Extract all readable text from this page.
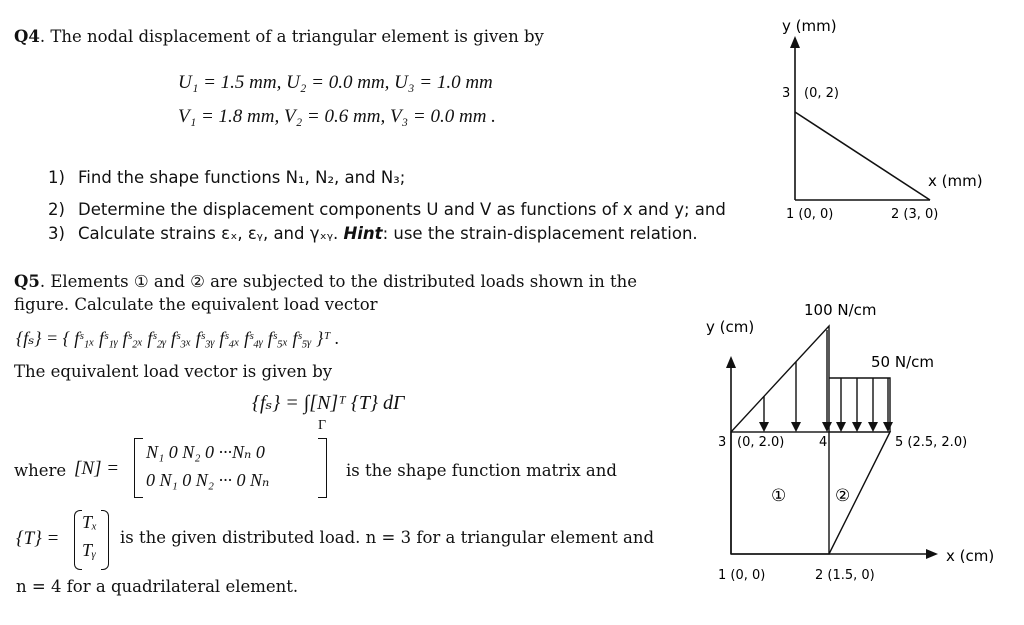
Q4. The nodal displacement of a triangular element is given by
U₁ = 1.5 mm, U₂ = 0.0 mm, U₃ = 1.0 mm
V₁ = 1.8 mm, V₂ = 0.6 mm, V₃ = 0.0 mm .
1) Find the shape functions N₁, N₂, and N₃;
2) Determine the displacement components U and V as functions of x and y; and
3) Calculate strains εₓ, εᵧ, and γₓᵧ. Hint: use the strain-displacement relation.
y (mm)
x (mm)
3 (0, 2)
1 (0, 0)	2 (3, 0)
Q5. Elements ① and ② are subjected to the distributed loads shown in the
figure. Calculate the equivalent load vector
{fₛ} = { fˢ₁ₓ fˢ₁ᵧ fˢ₂ₓ fˢ₂ᵧ fˢ₃ₓ fˢ₃ᵧ fˢ₄ₓ fˢ₄ᵧ fˢ₅ₓ fˢ₅ᵧ }ᵀ .
The equivalent load vector is given by
{fₛ} = ∫[N]ᵀ {T} dΓ
Γ
where [N] =
N₁ 0 N₂ 0 ···Nₙ 0
0 N₁ 0 N₂ ··· 0 Nₙ	is the shape function matrix and
{T} =
Tₓ
Tᵧ
is the given distributed load. n = 3 for a triangular element and
n = 4 for a quadrilateral element.
y (cm)
x (cm)
100 N/cm
50 N/cm
3 (0, 2.0)	4	5 (2.5, 2.0)
1 (0, 0)	2 (1.5, 0)
①	②
